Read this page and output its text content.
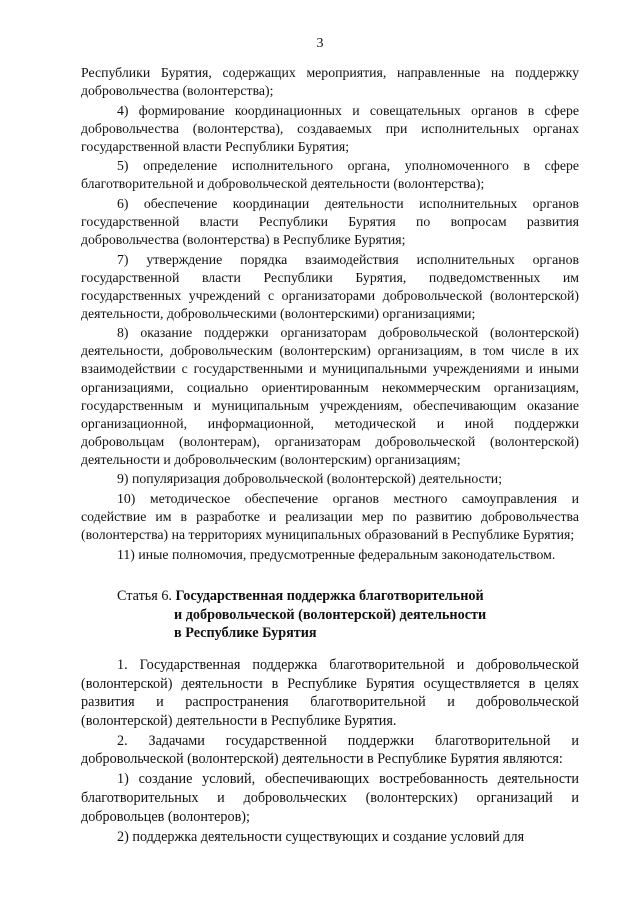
3

Республики Бурятия, содержащих мероприятия, направленные на поддержку добровольчества (волонтерства);

4) формирование координационных и совещательных органов в сфере добровольчества (волонтерства), создаваемых при исполнительных органах государственной власти Республики Бурятия;

5) определение исполнительного органа, уполномоченного в сфере благотворительной и добровольческой деятельности (волонтерства);

6) обеспечение координации деятельности исполнительных органов государственной власти Республики Бурятия по вопросам развития добровольчества (волонтерства) в Республике Бурятия;

7) утверждение порядка взаимодействия исполнительных органов государственной власти Республики Бурятия, подведомственных им государственных учреждений с организаторами добровольческой (волонтерской) деятельности, добровольческими (волонтерскими) организациями;

8) оказание поддержки организаторам добровольческой (волонтерской) деятельности, добровольческим (волонтерским) организациям, в том числе в их взаимодействии с государственными и муниципальными учреждениями и иными организациями, социально ориентированным некоммерческим организациям, государственным и муниципальным учреждениям, обеспечивающим оказание организационной, информационной, методической и иной поддержки добровольцам (волонтерам), организаторам добровольческой (волонтерской) деятельности и добровольческим (волонтерским) организациям;

9) популяризация добровольческой (волонтерской) деятельности;

10) методическое обеспечение органов местного самоуправления и содействие им в разработке и реализации мер по развитию добровольчества (волонтерства) на территориях муниципальных образований в Республике Бурятия;

11) иные полномочия, предусмотренные федеральным законодательством.

Статья 6. Государственная поддержка благотворительной
и добровольческой (волонтерской) деятельности
в Республике Бурятия

1. Государственная поддержка благотворительной и добровольческой (волонтерской) деятельности в Республике Бурятия осуществляется в целях развития и распространения благотворительной и добровольческой (волонтерской) деятельности в Республике Бурятия.

2. Задачами государственной поддержки благотворительной и добровольческой (волонтерской) деятельности в Республике Бурятия являются:

1) создание условий, обеспечивающих востребованность деятельности благотворительных и добровольческих (волонтерских) организаций и добровольцев (волонтеров);

2) поддержка деятельности существующих и создание условий для
